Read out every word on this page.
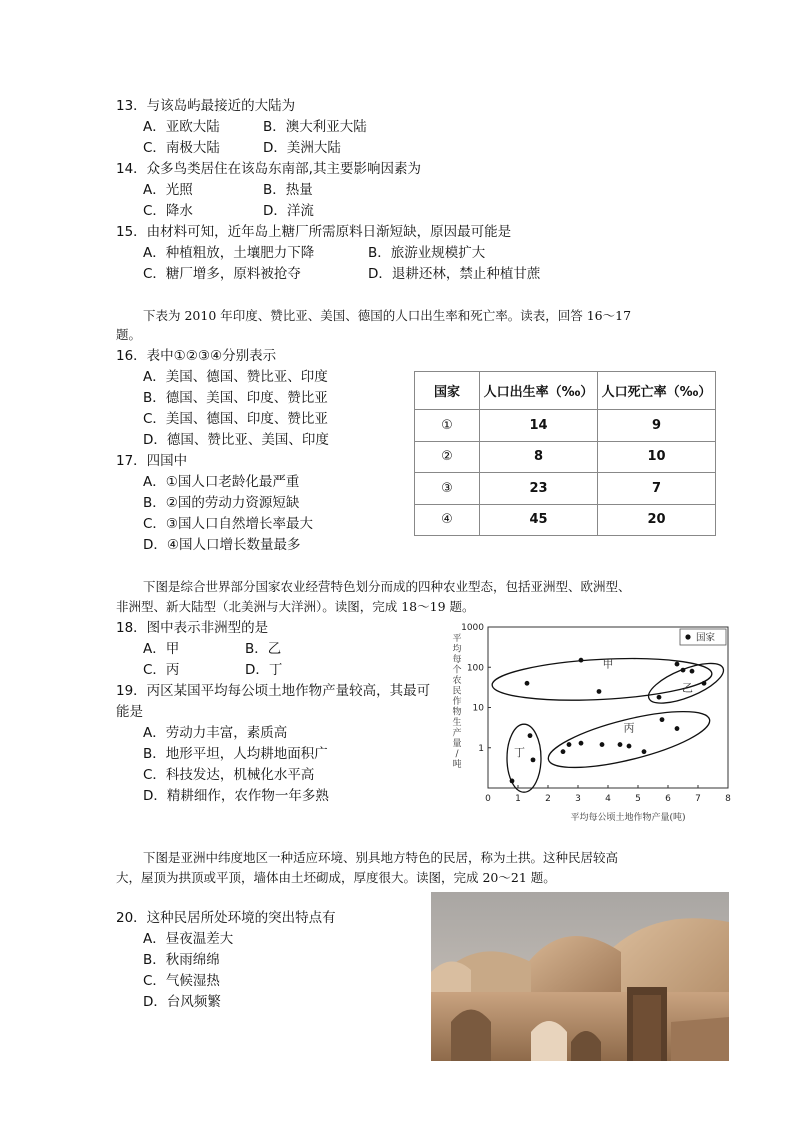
13．与该岛屿最接近的大陆为
A．亚欧大陆	B．澳大利亚大陆
C．南极大陆	D．美洲大陆
14．众多鸟类居住在该岛东南部,其主要影响因素为
A．光照	B．热量
C．降水	D．洋流
15．由材料可知，近年岛上糖厂所需原料日渐短缺，原因最可能是
A．种植粗放，土壤肥力下降	B．旅游业规模扩大
C．糖厂增多，原料被抢夺	D．退耕还林，禁止种植甘蔗
下表为 2010 年印度、赞比亚、美国、德国的人口出生率和死亡率。读表，回答 16～17
题。
16．表中①②③④分别表示
A．美国、德国、赞比亚、印度
B．德国、美国、印度、赞比亚
C．美国、德国、印度、赞比亚
D．德国、赞比亚、美国、印度
17．四国中
A．①国人口老龄化最严重
B．②国的劳动力资源短缺
C．③国人口自然增长率最大
D．④国人口增长数量最多
国家	人口出生率（‰）	人口死亡率（‰）
①	14	9
②	8	10
③	23	7
④	45	20
下图是综合世界部分国家农业经营特色划分而成的四种农业型态，包括亚洲型、欧洲型、
非洲型、新大陆型（北美洲与大洋洲）。读图，完成 18～19 题。
18．图中表示非洲型的是
A．甲	B．乙
C．丙	D．丁
19．丙区某国平均每公顷土地作物产量较高，其最可
能是
A．劳动力丰富，素质高
B．地形平坦，人均耕地面积广
C．科技发达，机械化水平高
D．精耕细作，农作物一年多熟	0	1	2	3	4	5	6	7	8
1000
100
10
1
平均每公顷土地作物产量(吨)
平
均
每
个
农
民
作
物
生
产
量
/
吨
国家
甲
乙
丙
丁
下图是亚洲中纬度地区一种适应环境、别具地方特色的民居，称为土拱。这种民居较高
大，屋顶为拱顶或平顶，墙体由土坯砌成，厚度很大。读图，完成 20～21 题。
20．这种民居所处环境的突出特点有
A．昼夜温差大
B．秋雨绵绵
C．气候湿热
D．台风频繁
